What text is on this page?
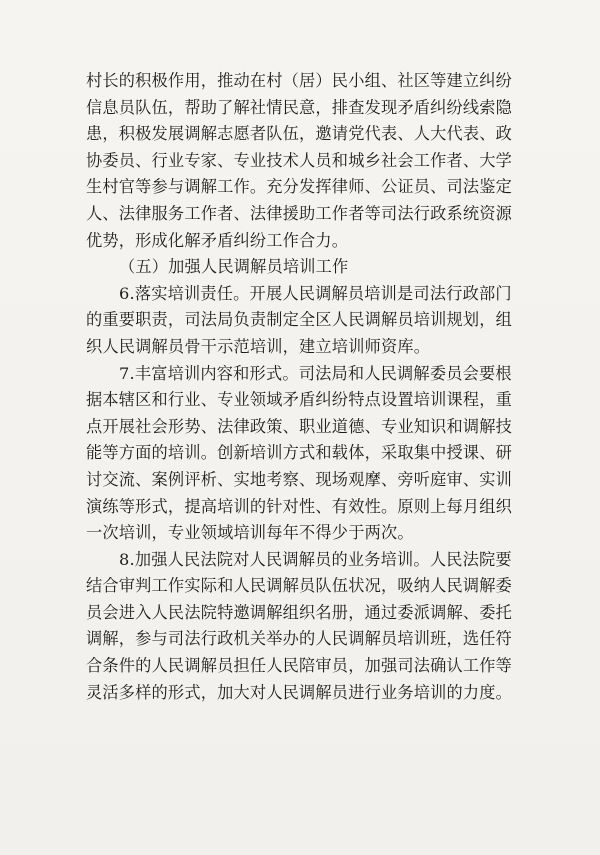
村长的积极作用，推动在村（居）民小组、社区等建立纠纷
信息员队伍，帮助了解社情民意，排查发现矛盾纠纷线索隐
患，积极发展调解志愿者队伍，邀请党代表、人大代表、政
协委员、行业专家、专业技术人员和城乡社会工作者、大学
生村官等参与调解工作。充分发挥律师、公证员、司法鉴定
人、法律服务工作者、法律援助工作者等司法行政系统资源
优势，形成化解矛盾纠纷工作合力。
（五）加强人民调解员培训工作
6.落实培训责任。开展人民调解员培训是司法行政部门
的重要职责，司法局负责制定全区人民调解员培训规划，组
织人民调解员骨干示范培训，建立培训师资库。
7.丰富培训内容和形式。司法局和人民调解委员会要根
据本辖区和行业、专业领域矛盾纠纷特点设置培训课程，重
点开展社会形势、法律政策、职业道德、专业知识和调解技
能等方面的培训。创新培训方式和载体，采取集中授课、研
讨交流、案例评析、实地考察、现场观摩、旁听庭审、实训
演练等形式，提高培训的针对性、有效性。原则上每月组织
一次培训，专业领域培训每年不得少于两次。
8.加强人民法院对人民调解员的业务培训。人民法院要
结合审判工作实际和人民调解员队伍状况，吸纳人民调解委
员会进入人民法院特邀调解组织名册，通过委派调解、委托
调解，参与司法行政机关举办的人民调解员培训班，选任符
合条件的人民调解员担任人民陪审员，加强司法确认工作等
灵活多样的形式，加大对人民调解员进行业务培训的力度。
